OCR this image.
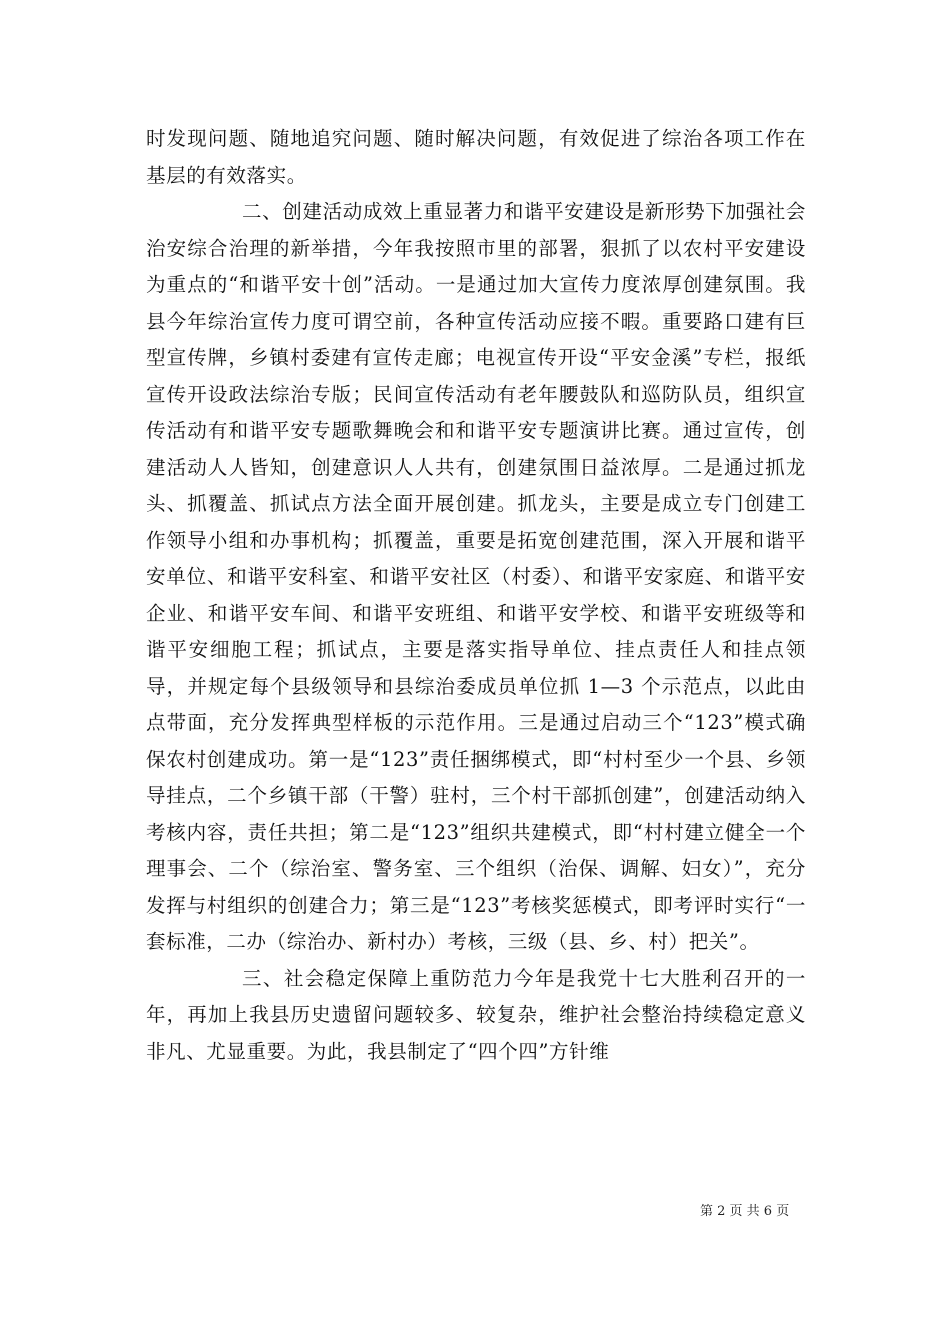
时发现问题、随地追究问题、随时解决问题，有效促进了综治各项工作在基层的有效落实。

二、创建活动成效上重显著力和谐平安建设是新形势下加强社会治安综合治理的新举措，今年我按照市里的部署，狠抓了以农村平安建设为重点的“和谐平安十创”活动。一是通过加大宣传力度浓厚创建氛围。我县今年综治宣传力度可谓空前，各种宣传活动应接不暇。重要路口建有巨型宣传牌，乡镇村委建有宣传走廊；电视宣传开设“平安金溪”专栏，报纸宣传开设政法综治专版；民间宣传活动有老年腰鼓队和巡防队员，组织宣传活动有和谐平安专题歌舞晚会和和谐平安专题演讲比赛。通过宣传，创建活动人人皆知，创建意识人人共有，创建氛围日益浓厚。二是通过抓龙头、抓覆盖、抓试点方法全面开展创建。抓龙头，主要是成立专门创建工作领导小组和办事机构；抓覆盖，重要是拓宽创建范围，深入开展和谐平安单位、和谐平安科室、和谐平安社区（村委）、和谐平安家庭、和谐平安企业、和谐平安车间、和谐平安班组、和谐平安学校、和谐平安班级等和谐平安细胞工程；抓试点，主要是落实指导单位、挂点责任人和挂点领导，并规定每个县级领导和县综治委成员单位抓 1—3 个示范点，以此由点带面，充分发挥典型样板的示范作用。三是通过启动三个“123”模式确保农村创建成功。第一是“123”责任捆绑模式，即“村村至少一个县、乡领导挂点，二个乡镇干部（干警）驻村，三个村干部抓创建”，创建活动纳入考核内容，责任共担；第二是“123”组织共建模式，即“村村建立健全一个理事会、二个（综治室、警务室、三个组织（治保、调解、妇女）”，充分发挥与村组织的创建合力；第三是“123”考核奖惩模式，即考评时实行“一套标准，二办（综治办、新村办）考核，三级（县、乡、村）把关”。

三、社会稳定保障上重防范力今年是我党十七大胜利召开的一年，再加上我县历史遗留问题较多、较复杂，维护社会整治持续稳定意义非凡、尤显重要。为此，我县制定了“四个四”方针维

第 2 页 共 6 页
